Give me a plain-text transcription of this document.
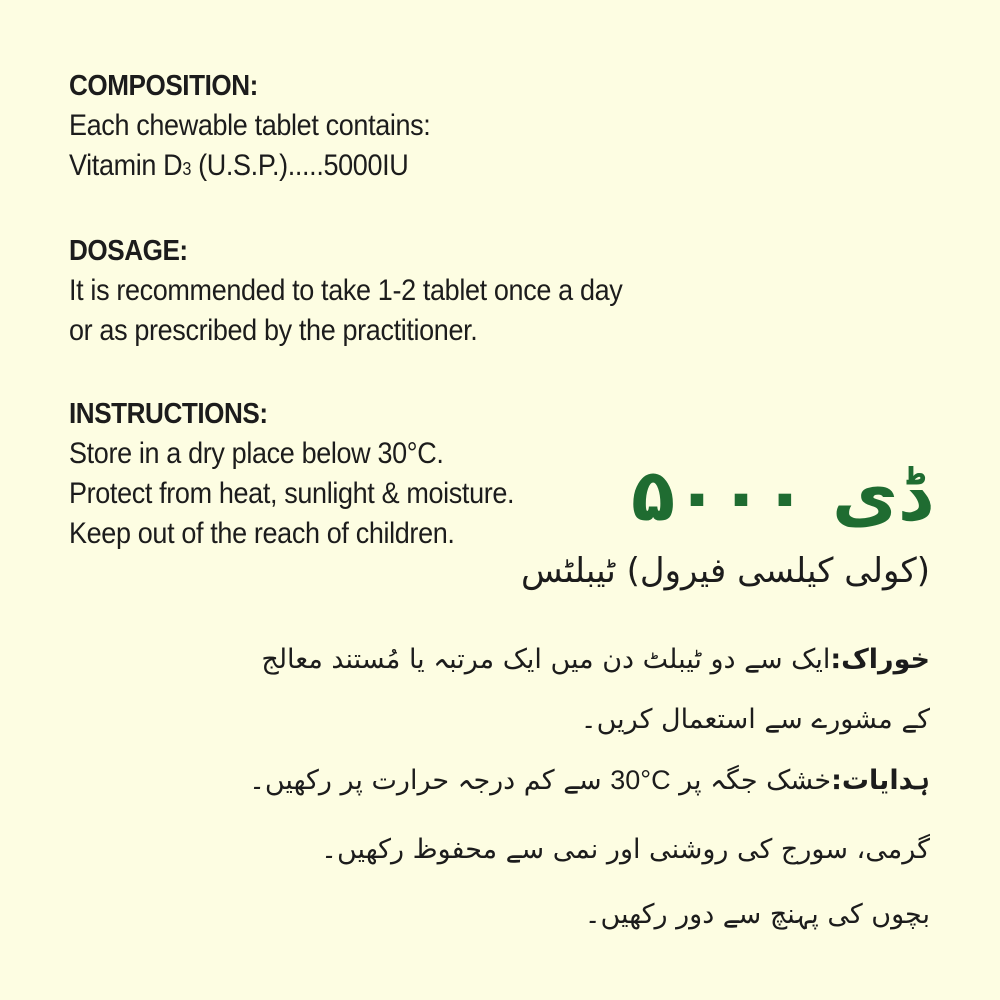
COMPOSITION:
Each chewable tablet contains:
Vitamin D3 (U.S.P.).....5000IU
DOSAGE:
It is recommended to take 1-2 tablet once a day
or as prescribed by the practitioner.
INSTRUCTIONS:
Store in a dry place below 30°C.
Protect from heat, sunlight & moisture.
Keep out of the reach of children.	ڈی ۵۰۰۰
(کولی کیلسی فیرول) ٹیبلٹس
خوراک:ایک سے دو ٹیبلٹ دن میں ایک مرتبہ یا مُستند معالج
کے مشورے سے استعمال کریں۔
ہدایات:خشک جگہ پر 30°C سے کم درجہ حرارت پر رکھیں۔
گرمی، سورج کی روشنی اور نمی سے محفوظ رکھیں۔
بچوں کی پہنچ سے دور رکھیں۔
